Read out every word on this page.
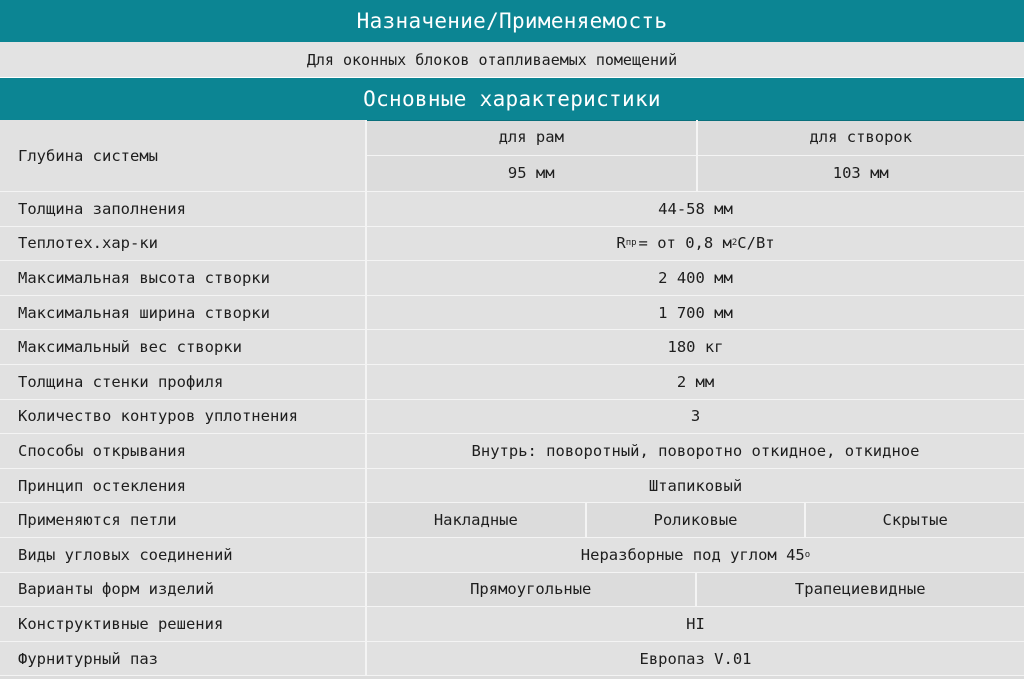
Назначение/Применяемость
Для оконных блоков отапливаемых помещений
Основные характеристики
Глубина системы
для рам	для створок
95 мм	103 мм
Толщина заполнения	44-58 мм
Теплотех.хар-ки	R пр = от 0,8 м 2 С/Вт
Максимальная высота створки	2 400 мм
Максимальная ширина створки	1 700 мм
Максимальный вес створки	180 кг
Толщина стенки профиля	2 мм
Количество контуров уплотнения	3
Способы открывания	Внутрь: поворотный, поворотно откидное, откидное
Принцип остекления	Штапиковый
Применяются петли	Накладные	Роликовые	Скрытые
Виды угловых соединений	Неразборные под углом 45 о
Варианты форм изделий	Прямоугольные	Трапециевидные
Конструктивные решения	HI
Фурнитурный паз	Европаз V.01
